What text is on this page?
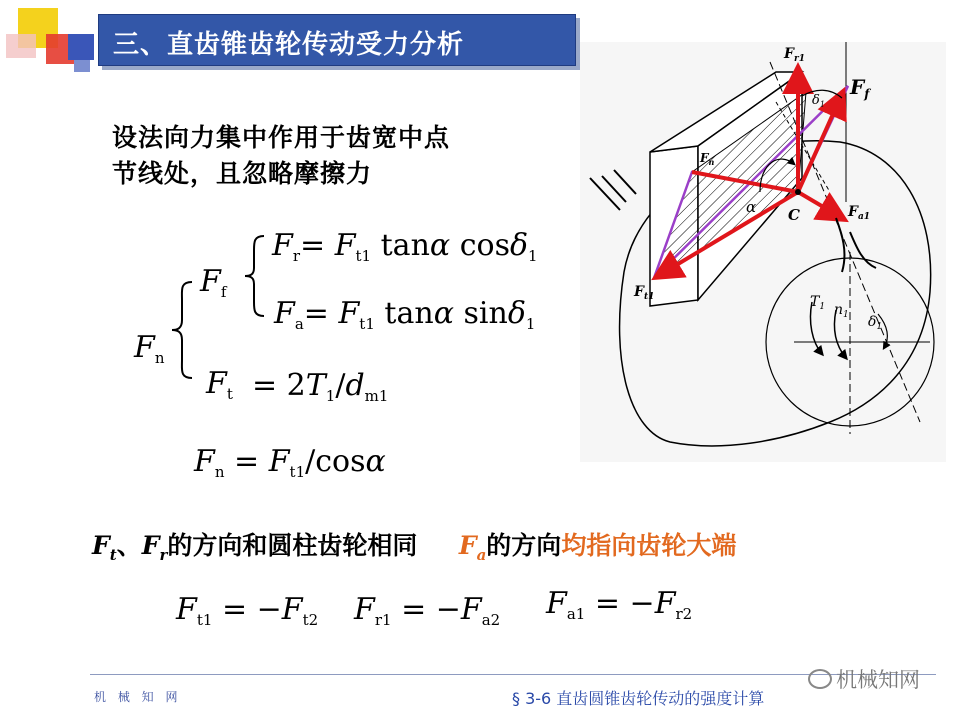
三、直齿锥齿轮传动受力分析
设法向力集中作用于齿宽中点
节线处，且忽略摩擦力
$F_n$
$F_f$
$F_t$
$F_r= F_{t1}$ tanα cosδ$_1$
$F_a= F_{t1}$ tanα sinδ$_1$
= $2T_1/d_{m1}$
$F_n = F_{t1}/\cos\alpha$
$F_t$、$F_r$的方向和圆柱齿轮相同 $F_a$的方向均指向齿轮大端
$F_{t1} = -F_{t2}$ $F_{r1} = -F_{a2}$ $F_{a1} = -F_{r2}$
$F_{r1}$
$F_f$
$F_{a1}$
$F_{t1}$
$F_n$
C
α
$\delta_1$
$T_1$ $n_1$ $\delta_1$
机 械 知 网	§ 3-6 直齿圆锥齿轮传动的强度计算
机械知网
